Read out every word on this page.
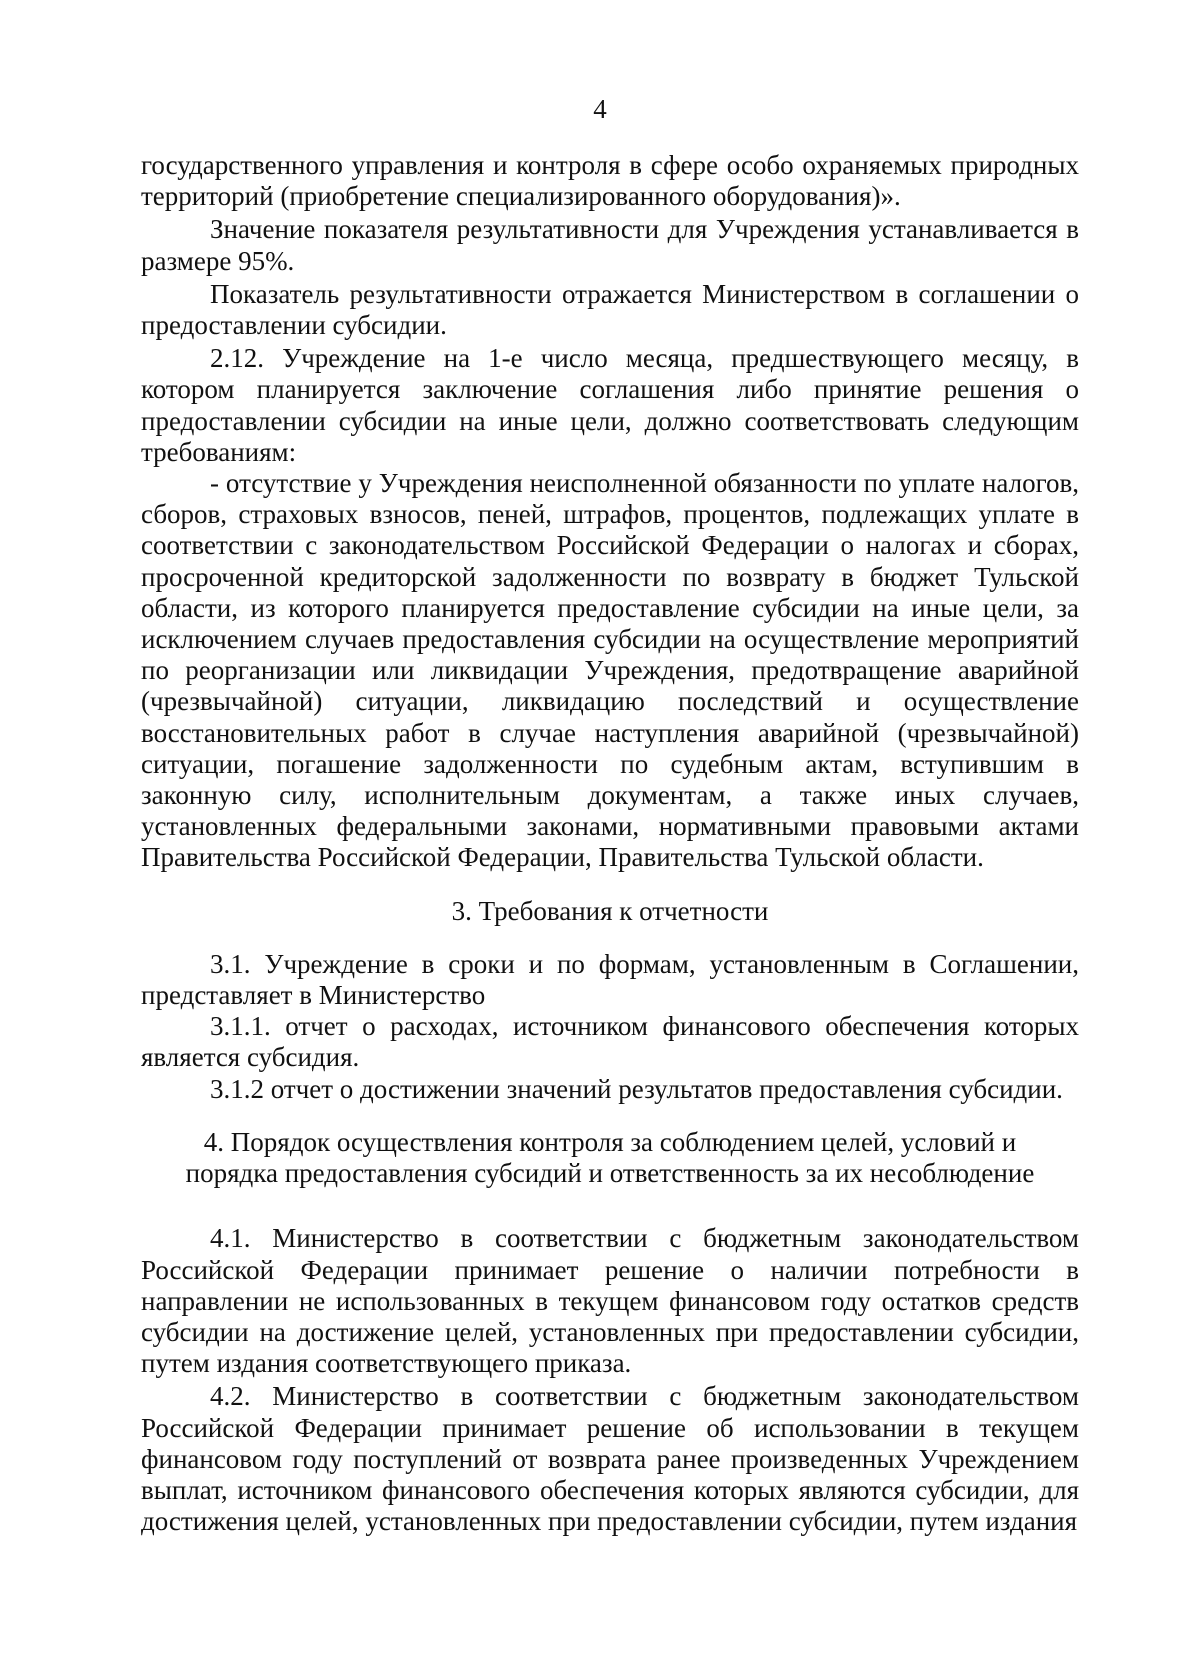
4

государственного управления и контроля в сфере особо охраняемых природных территорий (приобретение специализированного оборудования)».

Значение показателя результативности для Учреждения устанавливается в размере 95%.

Показатель результативности отражается Министерством в соглашении о предоставлении субсидии.

2.12. Учреждение на 1-е число месяца, предшествующего месяцу, в котором планируется заключение соглашения либо принятие решения о предоставлении субсидии на иные цели, должно соответствовать следующим требованиям:

- отсутствие у Учреждения неисполненной обязанности по уплате налогов, сборов, страховых взносов, пеней, штрафов, процентов, подлежащих уплате в соответствии с законодательством Российской Федерации о налогах и сборах, просроченной кредиторской задолженности по возврату в бюджет Тульской области, из которого планируется предоставление субсидии на иные цели, за исключением случаев предоставления субсидии на осуществление мероприятий по реорганизации или ликвидации Учреждения, предотвращение аварийной (чрезвычайной) ситуации, ликвидацию последствий и осуществление восстановительных работ в случае наступления аварийной (чрезвычайной) ситуации, погашение задолженности по судебным актам, вступившим в законную силу, исполнительным документам, а также иных случаев, установленных федеральными законами, нормативными правовыми актами Правительства Российской Федерации, Правительства Тульской области.

3. Требования к отчетности

3.1. Учреждение в сроки и по формам, установленным в Соглашении, представляет в Министерство

3.1.1. отчет о расходах, источником финансового обеспечения которых является субсидия.

3.1.2 отчет о достижении значений результатов предоставления субсидии.

4. Порядок осуществления контроля за соблюдением целей, условий и

порядка предоставления субсидий и ответственность за их несоблюдение

4.1. Министерство в соответствии с бюджетным законодательством Российской Федерации принимает решение о наличии потребности в направлении не использованных в текущем финансовом году остатков средств субсидии на достижение целей, установленных при предоставлении субсидии, путем издания соответствующего приказа.

4.2. Министерство в соответствии с бюджетным законодательством Российской Федерации принимает решение об использовании в текущем финансовом году поступлений от возврата ранее произведенных Учреждением выплат, источником финансового обеспечения которых являются субсидии, для достижения целей, установленных при предоставлении субсидии, путем издания
